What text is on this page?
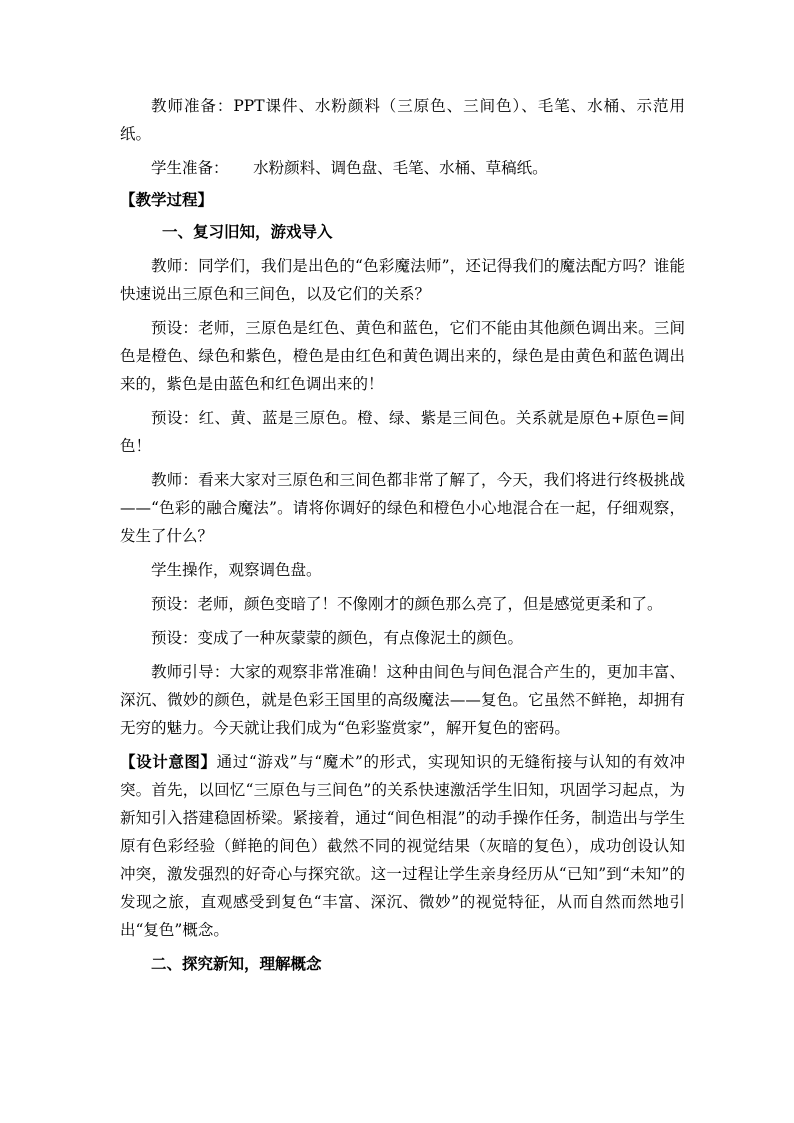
教师准备：PPT课件、水粉颜料（三原色、三间色）、毛笔、水桶、示范用纸。

学生准备： 水粉颜料、调色盘、毛笔、水桶、草稿纸。

【教学过程】

一、复习旧知，游戏导入

教师：同学们，我们是出色的“色彩魔法师”，还记得我们的魔法配方吗？谁能快速说出三原色和三间色，以及它们的关系？

预设：老师，三原色是红色、黄色和蓝色，它们不能由其他颜色调出来。三间色是橙色、绿色和紫色，橙色是由红色和黄色调出来的，绿色是由黄色和蓝色调出来的，紫色是由蓝色和红色调出来的！

预设：红、黄、蓝是三原色。橙、绿、紫是三间色。关系就是原色+原色=间色！

教师：看来大家对三原色和三间色都非常了解了，今天，我们将进行终极挑战——“色彩的融合魔法”。请将你调好的绿色和橙色小心地混合在一起，仔细观察，发生了什么？

学生操作，观察调色盘。

预设：老师，颜色变暗了！不像刚才的颜色那么亮了，但是感觉更柔和了。

预设：变成了一种灰蒙蒙的颜色，有点像泥土的颜色。

教师引导：大家的观察非常准确！这种由间色与间色混合产生的，更加丰富、深沉、微妙的颜色，就是色彩王国里的高级魔法——复色。它虽然不鲜艳，却拥有无穷的魅力。今天就让我们成为“色彩鉴赏家”，解开复色的密码。

【设计意图】通过“游戏”与“魔术”的形式，实现知识的无缝衔接与认知的有效冲突。首先，以回忆“三原色与三间色”的关系快速激活学生旧知，巩固学习起点，为新知引入搭建稳固桥梁。紧接着，通过“间色相混”的动手操作任务，制造出与学生原有色彩经验（鲜艳的间色）截然不同的视觉结果（灰暗的复色），成功创设认知冲突，激发强烈的好奇心与探究欲。这一过程让学生亲身经历从“已知”到“未知”的发现之旅，直观感受到复色“丰富、深沉、微妙”的视觉特征，从而自然而然地引出“复色”概念。

二、探究新知，理解概念
